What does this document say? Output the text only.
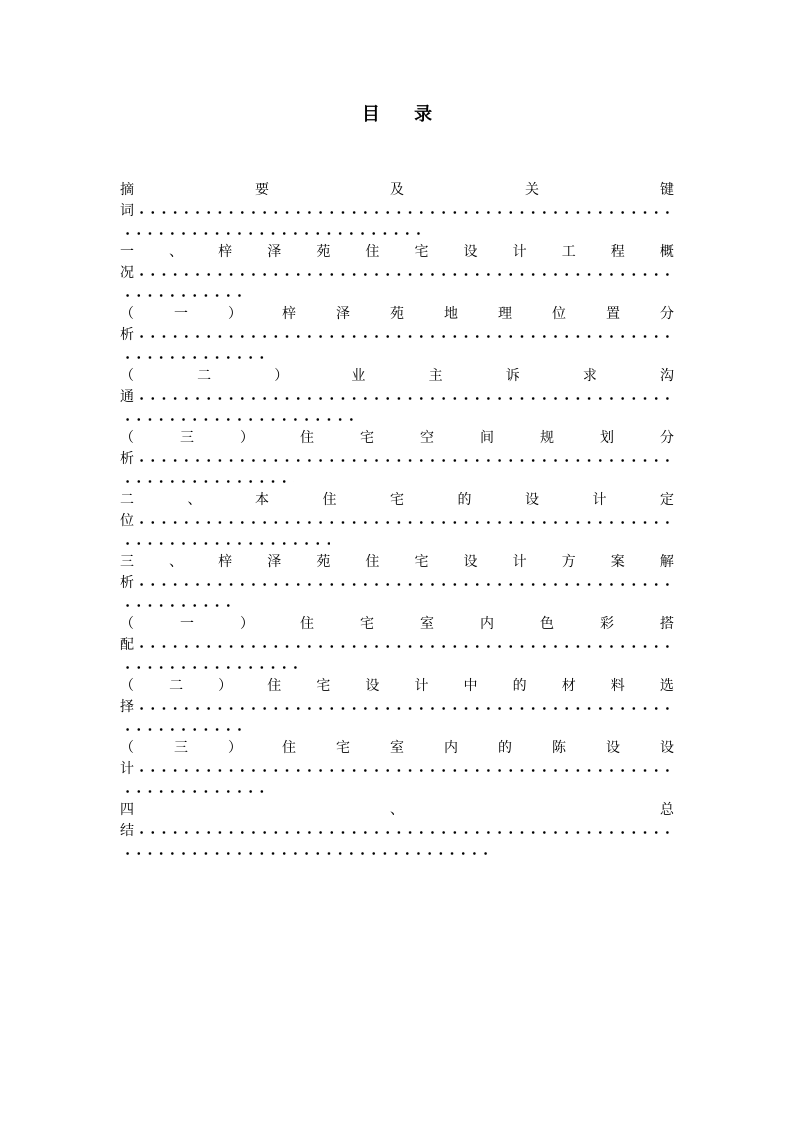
目 录
摘	要	及	关	键
词
一	、	梓	泽	苑	住	宅	设	计	工	程	概
况
（	一	）	梓	泽	苑	地	理	位	置	分
析
（	二	）	业	主	诉	求	沟
通
（	三	）	住	宅	空	间	规	划	分
析
二	、	本	住	宅	的	设	计	定
位
三	、	梓	泽	苑	住	宅	设	计	方	案	解
析
（	一	）	住	宅	室	内	色	彩	搭
配
（	二	）	住	宅	设	计	中	的	材	料	选
择
（	三	）	住	宅	室	内	的	陈	设	设
计
四	、	总
结
